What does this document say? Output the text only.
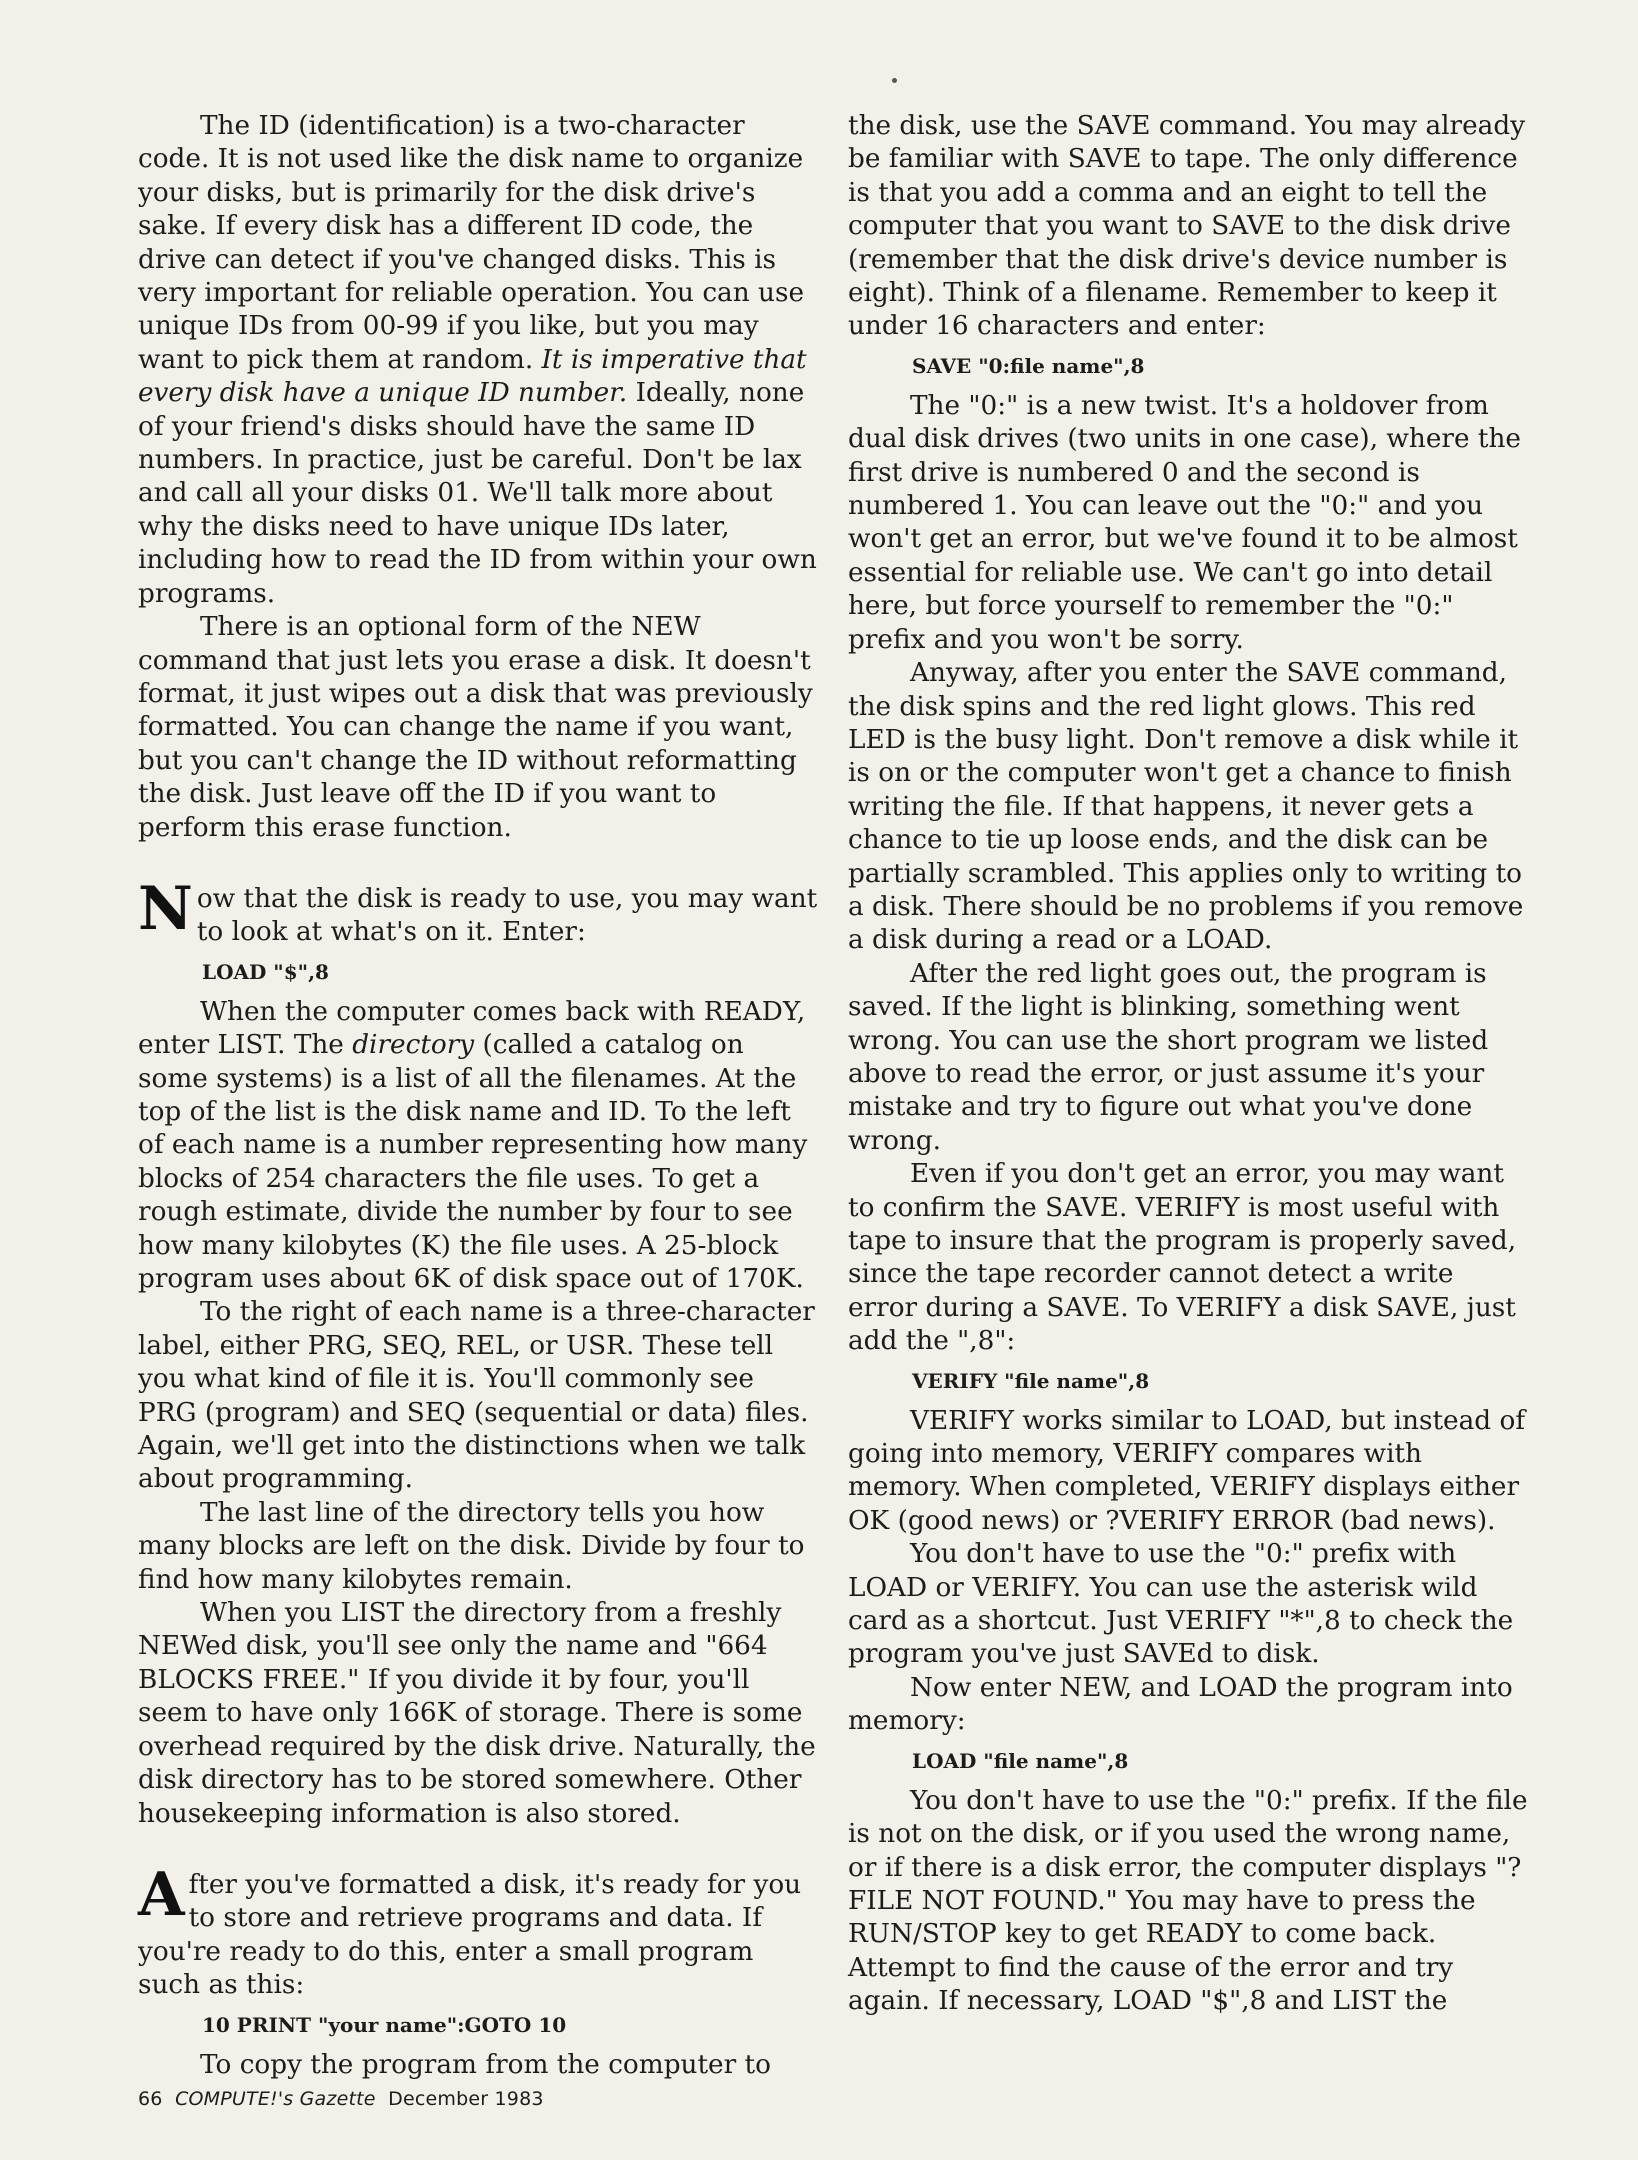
The ID (identification) is a two-character code. It is not used like the disk name to organize your disks, but is primarily for the disk drive's sake. If every disk has a different ID code, the drive can detect if you've changed disks. This is very important for reliable operation. You can use unique IDs from 00-99 if you like, but you may want to pick them at random. It is imperative that every disk have a unique ID number. Ideally, none of your friend's disks should have the same ID numbers. In practice, just be careful. Don't be lax and call all your disks 01. We'll talk more about why the disks need to have unique IDs later, including how to read the ID from within your own programs.

There is an optional form of the NEW command that just lets you erase a disk. It doesn't format, it just wipes out a disk that was previously formatted. You can change the name if you want, but you can't change the ID without reformatting the disk. Just leave off the ID if you want to perform this erase function.

Now that the disk is ready to use, you may want to look at what's on it. Enter:

LOAD "$",8

When the computer comes back with READY, enter LIST. The directory (called a catalog on some systems) is a list of all the filenames. At the top of the list is the disk name and ID. To the left of each name is a number representing how many blocks of 254 characters the file uses. To get a rough estimate, divide the number by four to see how many kilobytes (K) the file uses. A 25-block program uses about 6K of disk space out of 170K.

To the right of each name is a three-character label, either PRG, SEQ, REL, or USR. These tell you what kind of file it is. You'll commonly see PRG (program) and SEQ (sequential or data) files. Again, we'll get into the distinctions when we talk about programming.

The last line of the directory tells you how many blocks are left on the disk. Divide by four to find how many kilobytes remain.

When you LIST the directory from a freshly NEWed disk, you'll see only the name and "664 BLOCKS FREE." If you divide it by four, you'll seem to have only 166K of storage. There is some overhead required by the disk drive. Naturally, the disk directory has to be stored somewhere. Other housekeeping information is also stored.

After you've formatted a disk, it's ready for you to store and retrieve programs and data. If you're ready to do this, enter a small program such as this:

10 PRINT "your name":GOTO 10

To copy the program from the computer to

the disk, use the SAVE command. You may already be familiar with SAVE to tape. The only difference is that you add a comma and an eight to tell the computer that you want to SAVE to the disk drive (remember that the disk drive's device number is eight). Think of a filename. Remember to keep it under 16 characters and enter:

SAVE "0:file name",8

The "0:" is a new twist. It's a holdover from dual disk drives (two units in one case), where the first drive is numbered 0 and the second is numbered 1. You can leave out the "0:" and you won't get an error, but we've found it to be almost essential for reliable use. We can't go into detail here, but force yourself to remember the "0:" prefix and you won't be sorry.

Anyway, after you enter the SAVE command, the disk spins and the red light glows. This red LED is the busy light. Don't remove a disk while it is on or the computer won't get a chance to finish writing the file. If that happens, it never gets a chance to tie up loose ends, and the disk can be partially scrambled. This applies only to writing to a disk. There should be no problems if you remove a disk during a read or a LOAD.

After the red light goes out, the program is saved. If the light is blinking, something went wrong. You can use the short program we listed above to read the error, or just assume it's your mistake and try to figure out what you've done wrong.

Even if you don't get an error, you may want to confirm the SAVE. VERIFY is most useful with tape to insure that the program is properly saved, since the tape recorder cannot detect a write error during a SAVE. To VERIFY a disk SAVE, just add the ",8":

VERIFY "file name",8

VERIFY works similar to LOAD, but instead of going into memory, VERIFY compares with memory. When completed, VERIFY displays either OK (good news) or ?VERIFY ERROR (bad news).

You don't have to use the "0:" prefix with LOAD or VERIFY. You can use the asterisk wild card as a shortcut. Just VERIFY "*",8 to check the program you've just SAVEd to disk.

Now enter NEW, and LOAD the program into memory:

LOAD "file name",8

You don't have to use the "0:" prefix. If the file is not on the disk, or if you used the wrong name, or if there is a disk error, the computer displays "?FILE NOT FOUND." You may have to press the RUN/STOP key to get READY to come back. Attempt to find the cause of the error and try again. If necessary, LOAD "$",8 and LIST the

66 COMPUTE!'s Gazette December 1983
